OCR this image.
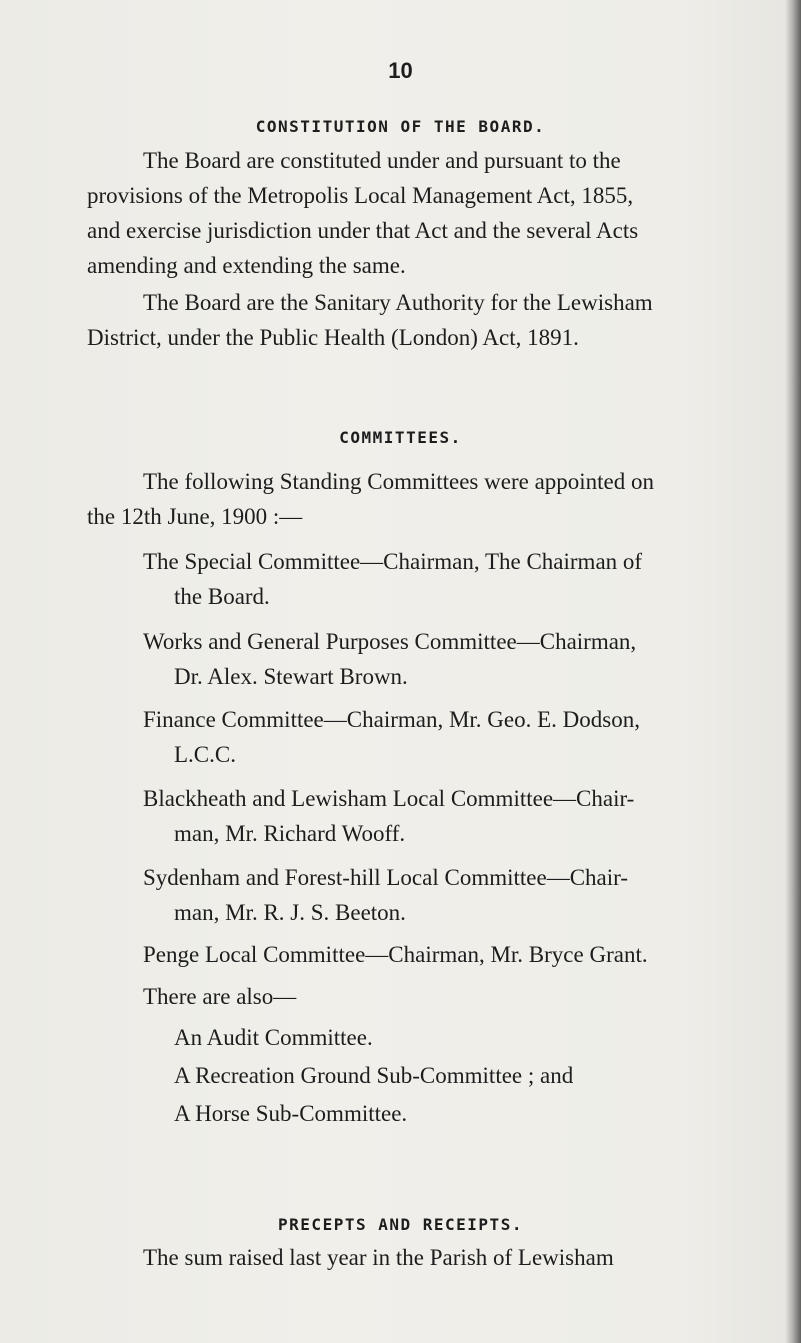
10
CONSTITUTION OF THE BOARD.
The Board are constituted under and pursuant to the
provisions of the Metropolis Local Management Act, 1855,
and exercise jurisdiction under that Act and the several Acts
amending and extending the same.
The Board are the Sanitary Authority for the Lewisham
District, under the Public Health (London) Act, 1891.
COMMITTEES.
The following Standing Committees were appointed on
the 12th June, 1900 :—
The Special Committee—Chairman, The Chairman of
the Board.
Works and General Purposes Committee—Chairman,
Dr. Alex. Stewart Brown.
Finance Committee—Chairman, Mr. Geo. E. Dodson,
L.C.C.
Blackheath and Lewisham Local Committee—Chair-
man, Mr. Richard Wooff.
Sydenham and Forest-hill Local Committee—Chair-
man, Mr. R. J. S. Beeton.
Penge Local Committee—Chairman, Mr. Bryce Grant.
There are also—
An Audit Committee.
A Recreation Ground Sub-Committee ; and
A Horse Sub-Committee.
PRECEPTS AND RECEIPTS.
The sum raised last year in the Parish of Lewisham
